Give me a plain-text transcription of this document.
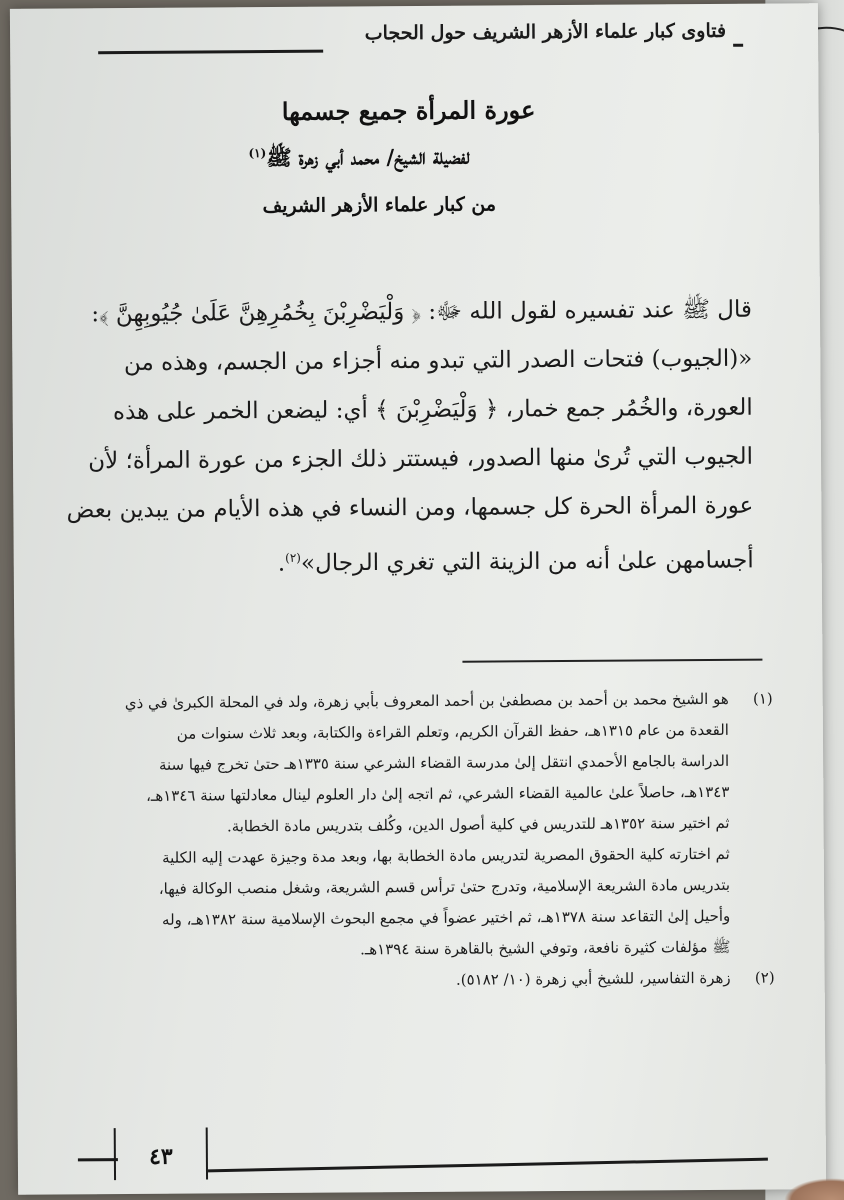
فتاوى كبار علماء الأزهر الشريف حول الحجاب
عورة المرأة جميع جسمها
لفضيلة الشيخ/ محمد أبي زهرة ﷺ$^{(١)}$
من كبار علماء الأزهر الشريف

قال ﷺ عند تفسيره لقول الله ﷻ: ﴿ وَلْيَضْرِبْنَ بِخُمُرِهِنَّ عَلَىٰ جُيُوبِهِنَّ ﴾:

«(الجيوب) فتحات الصدر التي تبدو منه أجزاء من الجسم، وهذه من

العورة، والخُمُر جمع خمار، ﴿ وَلْيَضْرِبْنَ ﴾ أي: ليضعن الخمر على هذه

الجيوب التي تُرىٰ منها الصدور، فيستتر ذلك الجزء من عورة المرأة؛ لأن

عورة المرأة الحرة كل جسمها، ومن النساء في هذه الأيام من يبدين بعض

أجسامهن علىٰ أنه من الزينة التي تغري الرجال»$^{(٢)}$.

(١)
هو الشيخ محمد بن أحمد بن مصطفىٰ بن أحمد المعروف بأبي زهرة، ولد في المحلة الكبرىٰ في ذي
القعدة من عام ١٣١٥هـ، حفظ القرآن الكريم، وتعلم القراءة والكتابة، وبعد ثلاث سنوات من
الدراسة بالجامع الأحمدي انتقل إلىٰ مدرسة القضاء الشرعي سنة ١٣٣٥هـ حتىٰ تخرج فيها سنة
١٣٤٣هـ، حاصلاً علىٰ عالمية القضاء الشرعي، ثم اتجه إلىٰ دار العلوم لينال معادلتها سنة ١٣٤٦هـ،
ثم اختير سنة ١٣٥٢هـ للتدريس في كلية أصول الدين، وكُلف بتدريس مادة الخطابة.
ثم اختارته كلية الحقوق المصرية لتدريس مادة الخطابة بها، وبعد مدة وجيزة عهدت إليه الكلية
بتدريس مادة الشريعة الإسلامية، وتدرج حتىٰ ترأس قسم الشريعة، وشغل منصب الوكالة فيها،
وأحيل إلىٰ التقاعد سنة ١٣٧٨هـ، ثم اختير عضواً في مجمع البحوث الإسلامية سنة ١٣٨٢هـ، وله
ﷺ مؤلفات كثيرة نافعة، وتوفي الشيخ بالقاهرة سنة ١٣٩٤هـ.
(٢)
زهرة التفاسير، للشيخ أبي زهرة (١٠/ ٥١٨٢).
٤٣
